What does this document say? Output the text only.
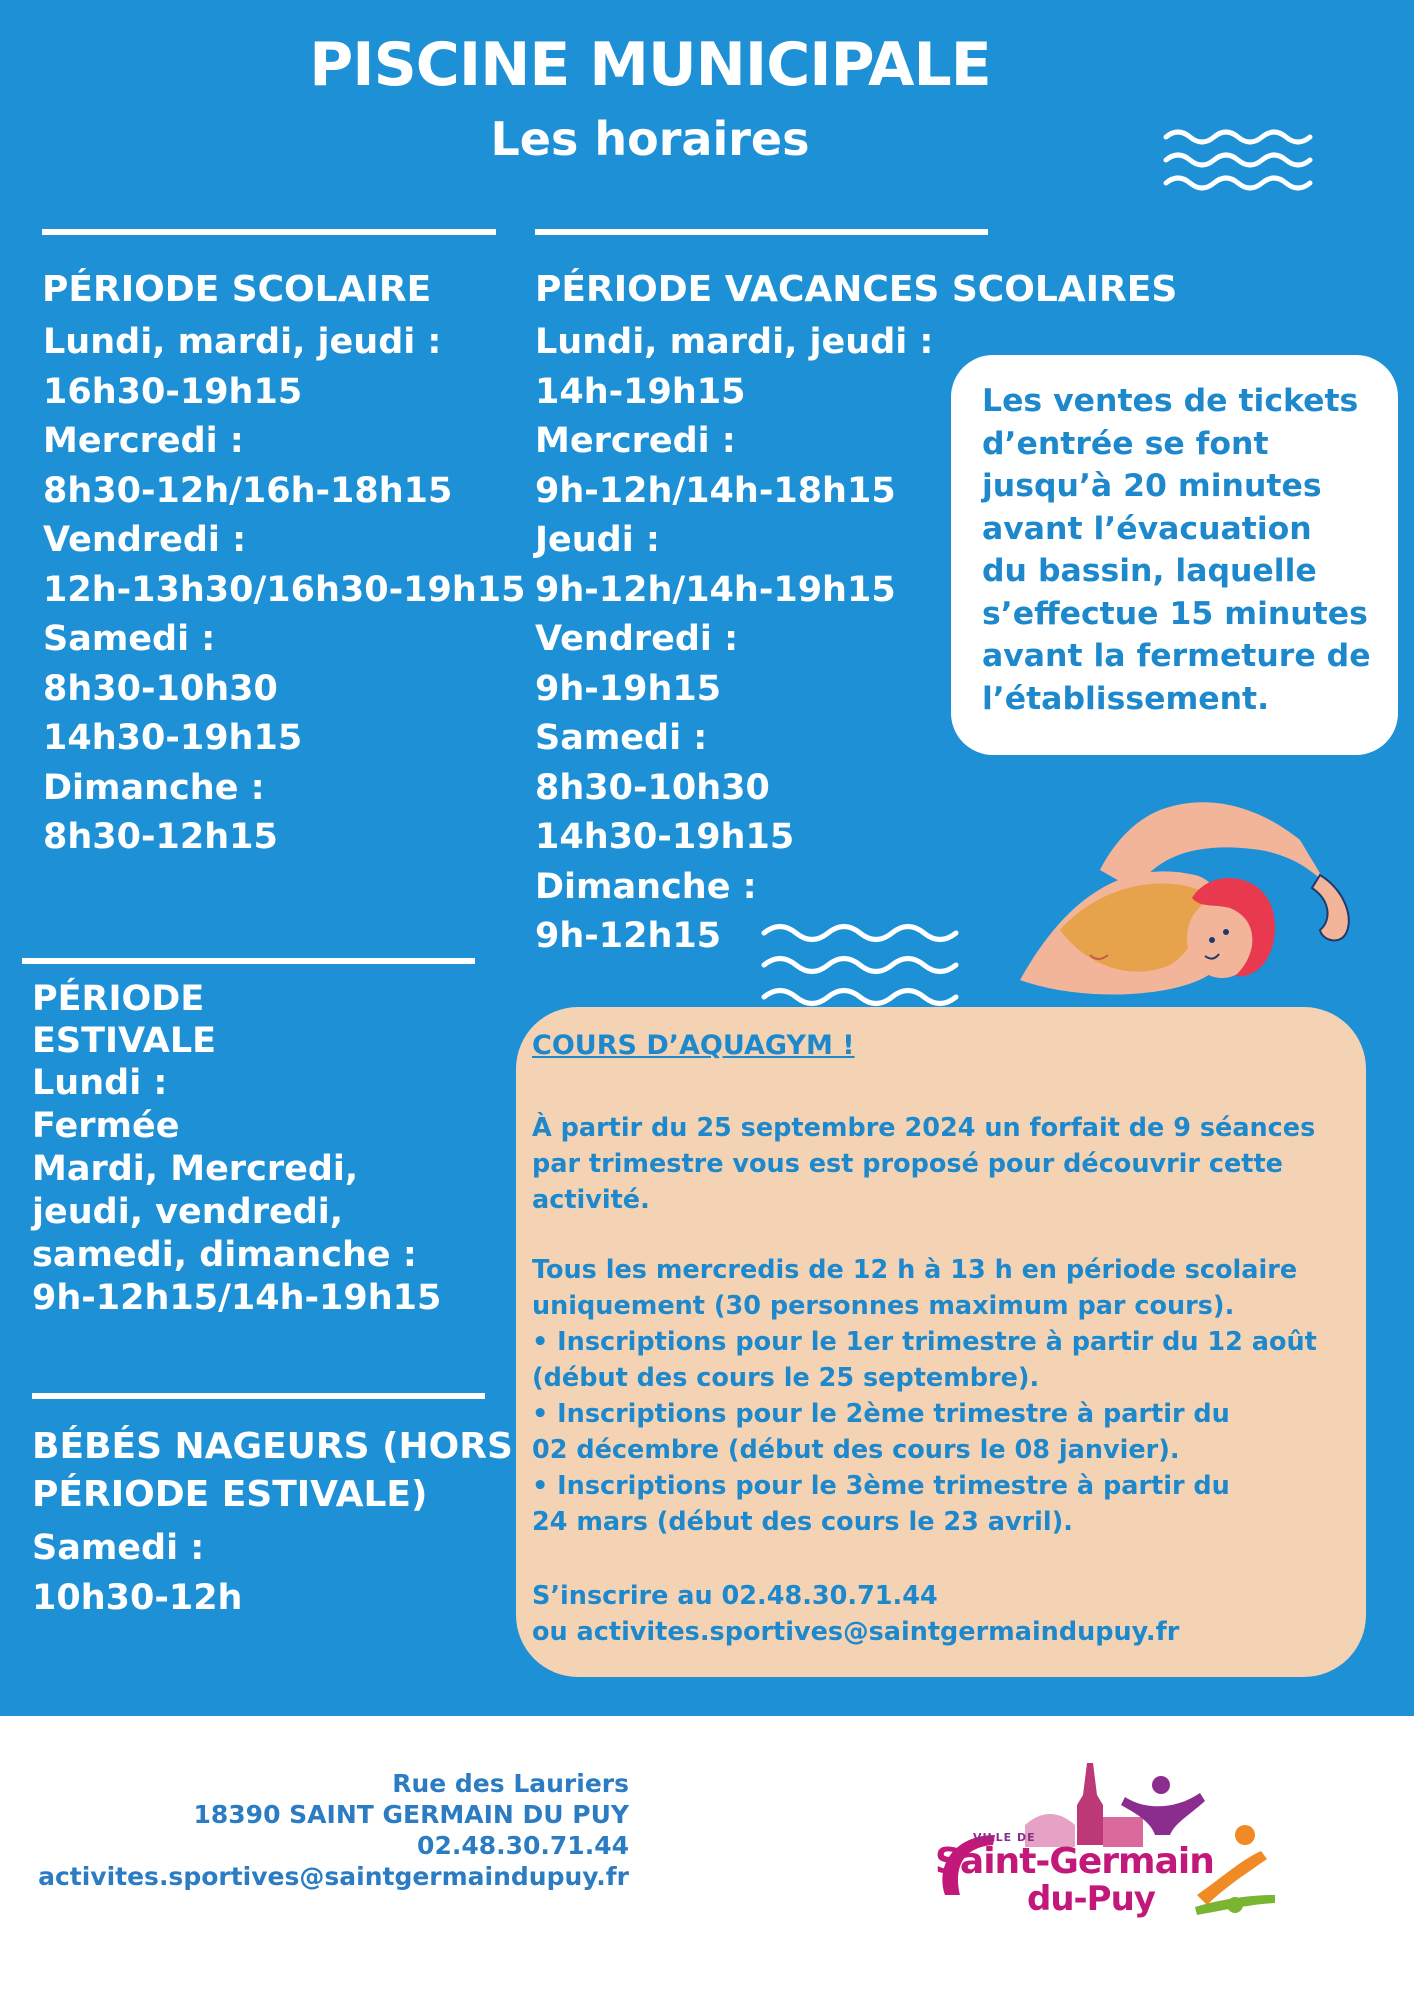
PISCINE MUNICIPALE
Les horaires
PÉRIODE SCOLAIRE
Lundi, mardi, jeudi :
16h30-19h15
Mercredi :
8h30-12h/16h-18h15
Vendredi :
12h-13h30/16h30-19h15
Samedi :
8h30-10h30
14h30-19h15
Dimanche :
8h30-12h15
PÉRIODE VACANCES SCOLAIRES
Lundi, mardi, jeudi :
14h-19h15
Mercredi :
9h-12h/14h-18h15
Jeudi :
9h-12h/14h-19h15
Vendredi :
9h-19h15
Samedi :
8h30-10h30
14h30-19h15
Dimanche :
9h-12h15
Les ventes de tickets
d’entrée se font
jusqu’à 20 minutes
avant l’évacuation
du bassin, laquelle
s’effectue 15 minutes
avant la fermeture de
l’établissement.
PÉRIODE
ESTIVALE
Lundi :
Fermée
Mardi, Mercredi,
jeudi, vendredi,
samedi, dimanche :
9h-12h15/14h-19h15
BÉBÉS NAGEURS (HORS
PÉRIODE ESTIVALE)
Samedi :
10h30-12h
COURS D’AQUAGYM !
À partir du 25 septembre 2024 un forfait de 9 séances
par trimestre vous est proposé pour découvrir cette
activité.
Tous les mercredis de 12 h à 13 h en période scolaire
uniquement (30 personnes maximum par cours).
• Inscriptions pour le 1er trimestre à partir du 12 août
(début des cours le 25 septembre).
• Inscriptions pour le 2ème trimestre à partir du
02 décembre (début des cours le 08 janvier).
• Inscriptions pour le 3ème trimestre à partir du
24 mars (début des cours le 23 avril).
S’inscrire au 02.48.30.71.44
ou activites.sportives@saintgermaindupuy.fr
Rue des Lauriers
18390 SAINT GERMAIN DU PUY
02.48.30.71.44
activites.sportives@saintgermaindupuy.fr
VILLE DE
Saint-Germain
du-Puy
